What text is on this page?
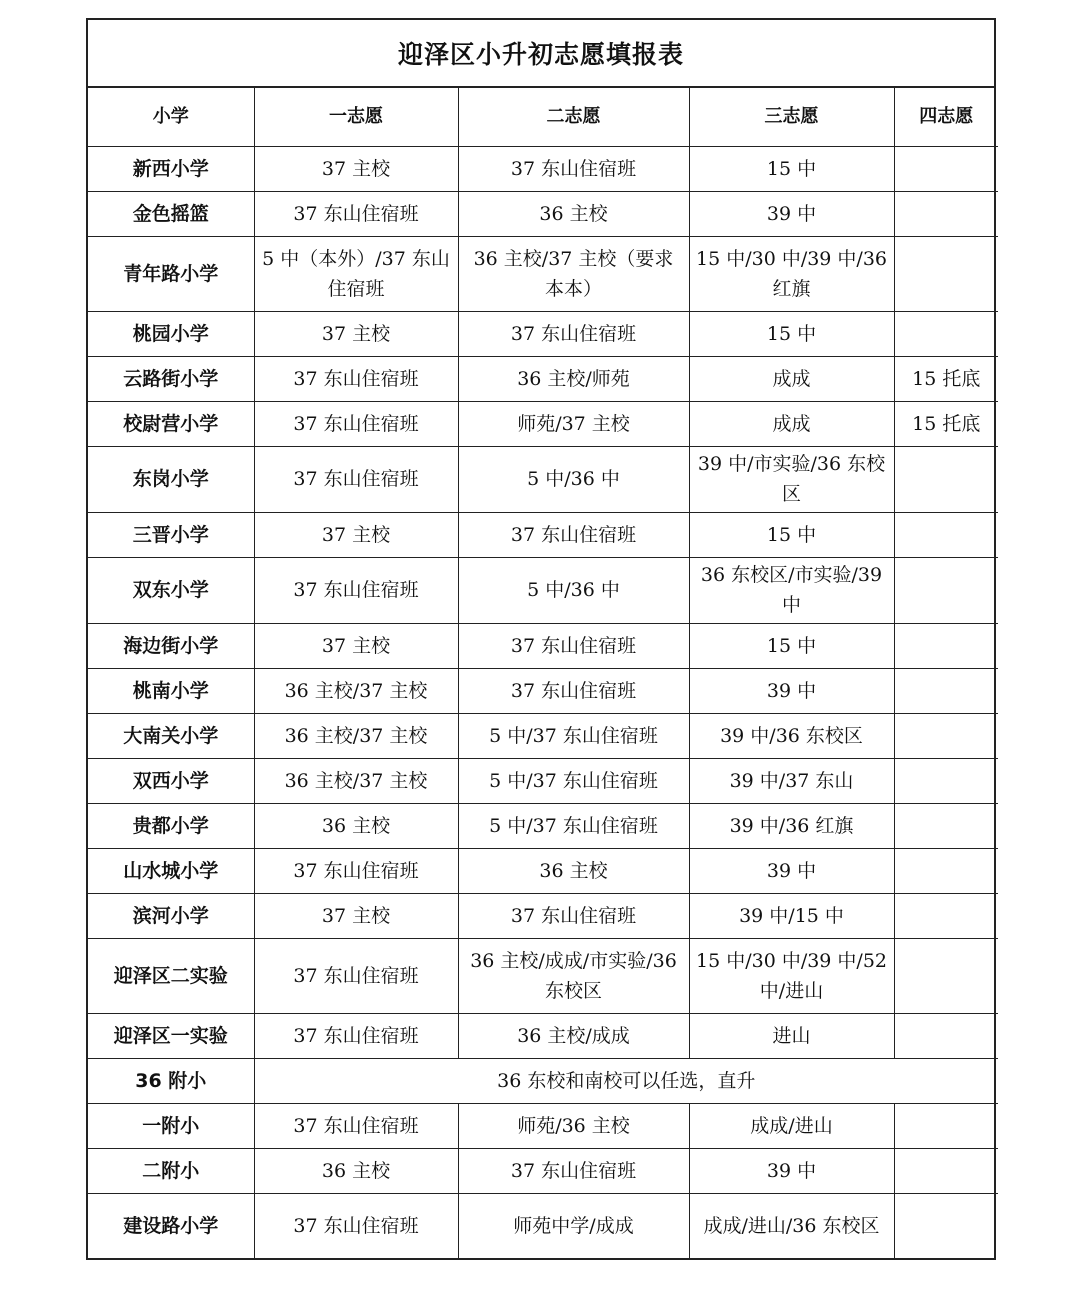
迎泽区小升初志愿填报表
小学	一志愿	二志愿	三志愿	四志愿
新西小学	37 主校	37 东山住宿班	15 中	
金色摇篮	37 东山住宿班	36 主校	39 中	
青年路小学	5 中（本外）/37 东山住宿班	36 主校/37 主校（要求本本）	15 中/30 中/39 中/36 红旗	
桃园小学	37 主校	37 东山住宿班	15 中	
云路街小学	37 东山住宿班	36 主校/师苑	成成	15 托底
校尉营小学	37 东山住宿班	师苑/37 主校	成成	15 托底
东岗小学	37 东山住宿班	5 中/36 中	39 中/市实验/36 东校区	
三晋小学	37 主校	37 东山住宿班	15 中	
双东小学	37 东山住宿班	5 中/36 中	36 东校区/市实验/39 中	
海边街小学	37 主校	37 东山住宿班	15 中	
桃南小学	36 主校/37 主校	37 东山住宿班	39 中	
大南关小学	36 主校/37 主校	5 中/37 东山住宿班	39 中/36 东校区	
双西小学	36 主校/37 主校	5 中/37 东山住宿班	39 中/37 东山	
贵都小学	36 主校	5 中/37 东山住宿班	39 中/36 红旗	
山水城小学	37 东山住宿班	36 主校	39 中	
滨河小学	37 主校	37 东山住宿班	39 中/15 中	
迎泽区二实验	37 东山住宿班	36 主校/成成/市实验/36 东校区	15 中/30 中/39 中/52 中/进山	
迎泽区一实验	37 东山住宿班	36 主校/成成	进山	
36 附小	36 东校和南校可以任选，直升			
一附小	37 东山住宿班	师苑/36 主校	成成/进山	
二附小	36 主校	37 东山住宿班	39 中	
建设路小学	37 东山住宿班	师苑中学/成成	成成/进山/36 东校区	
